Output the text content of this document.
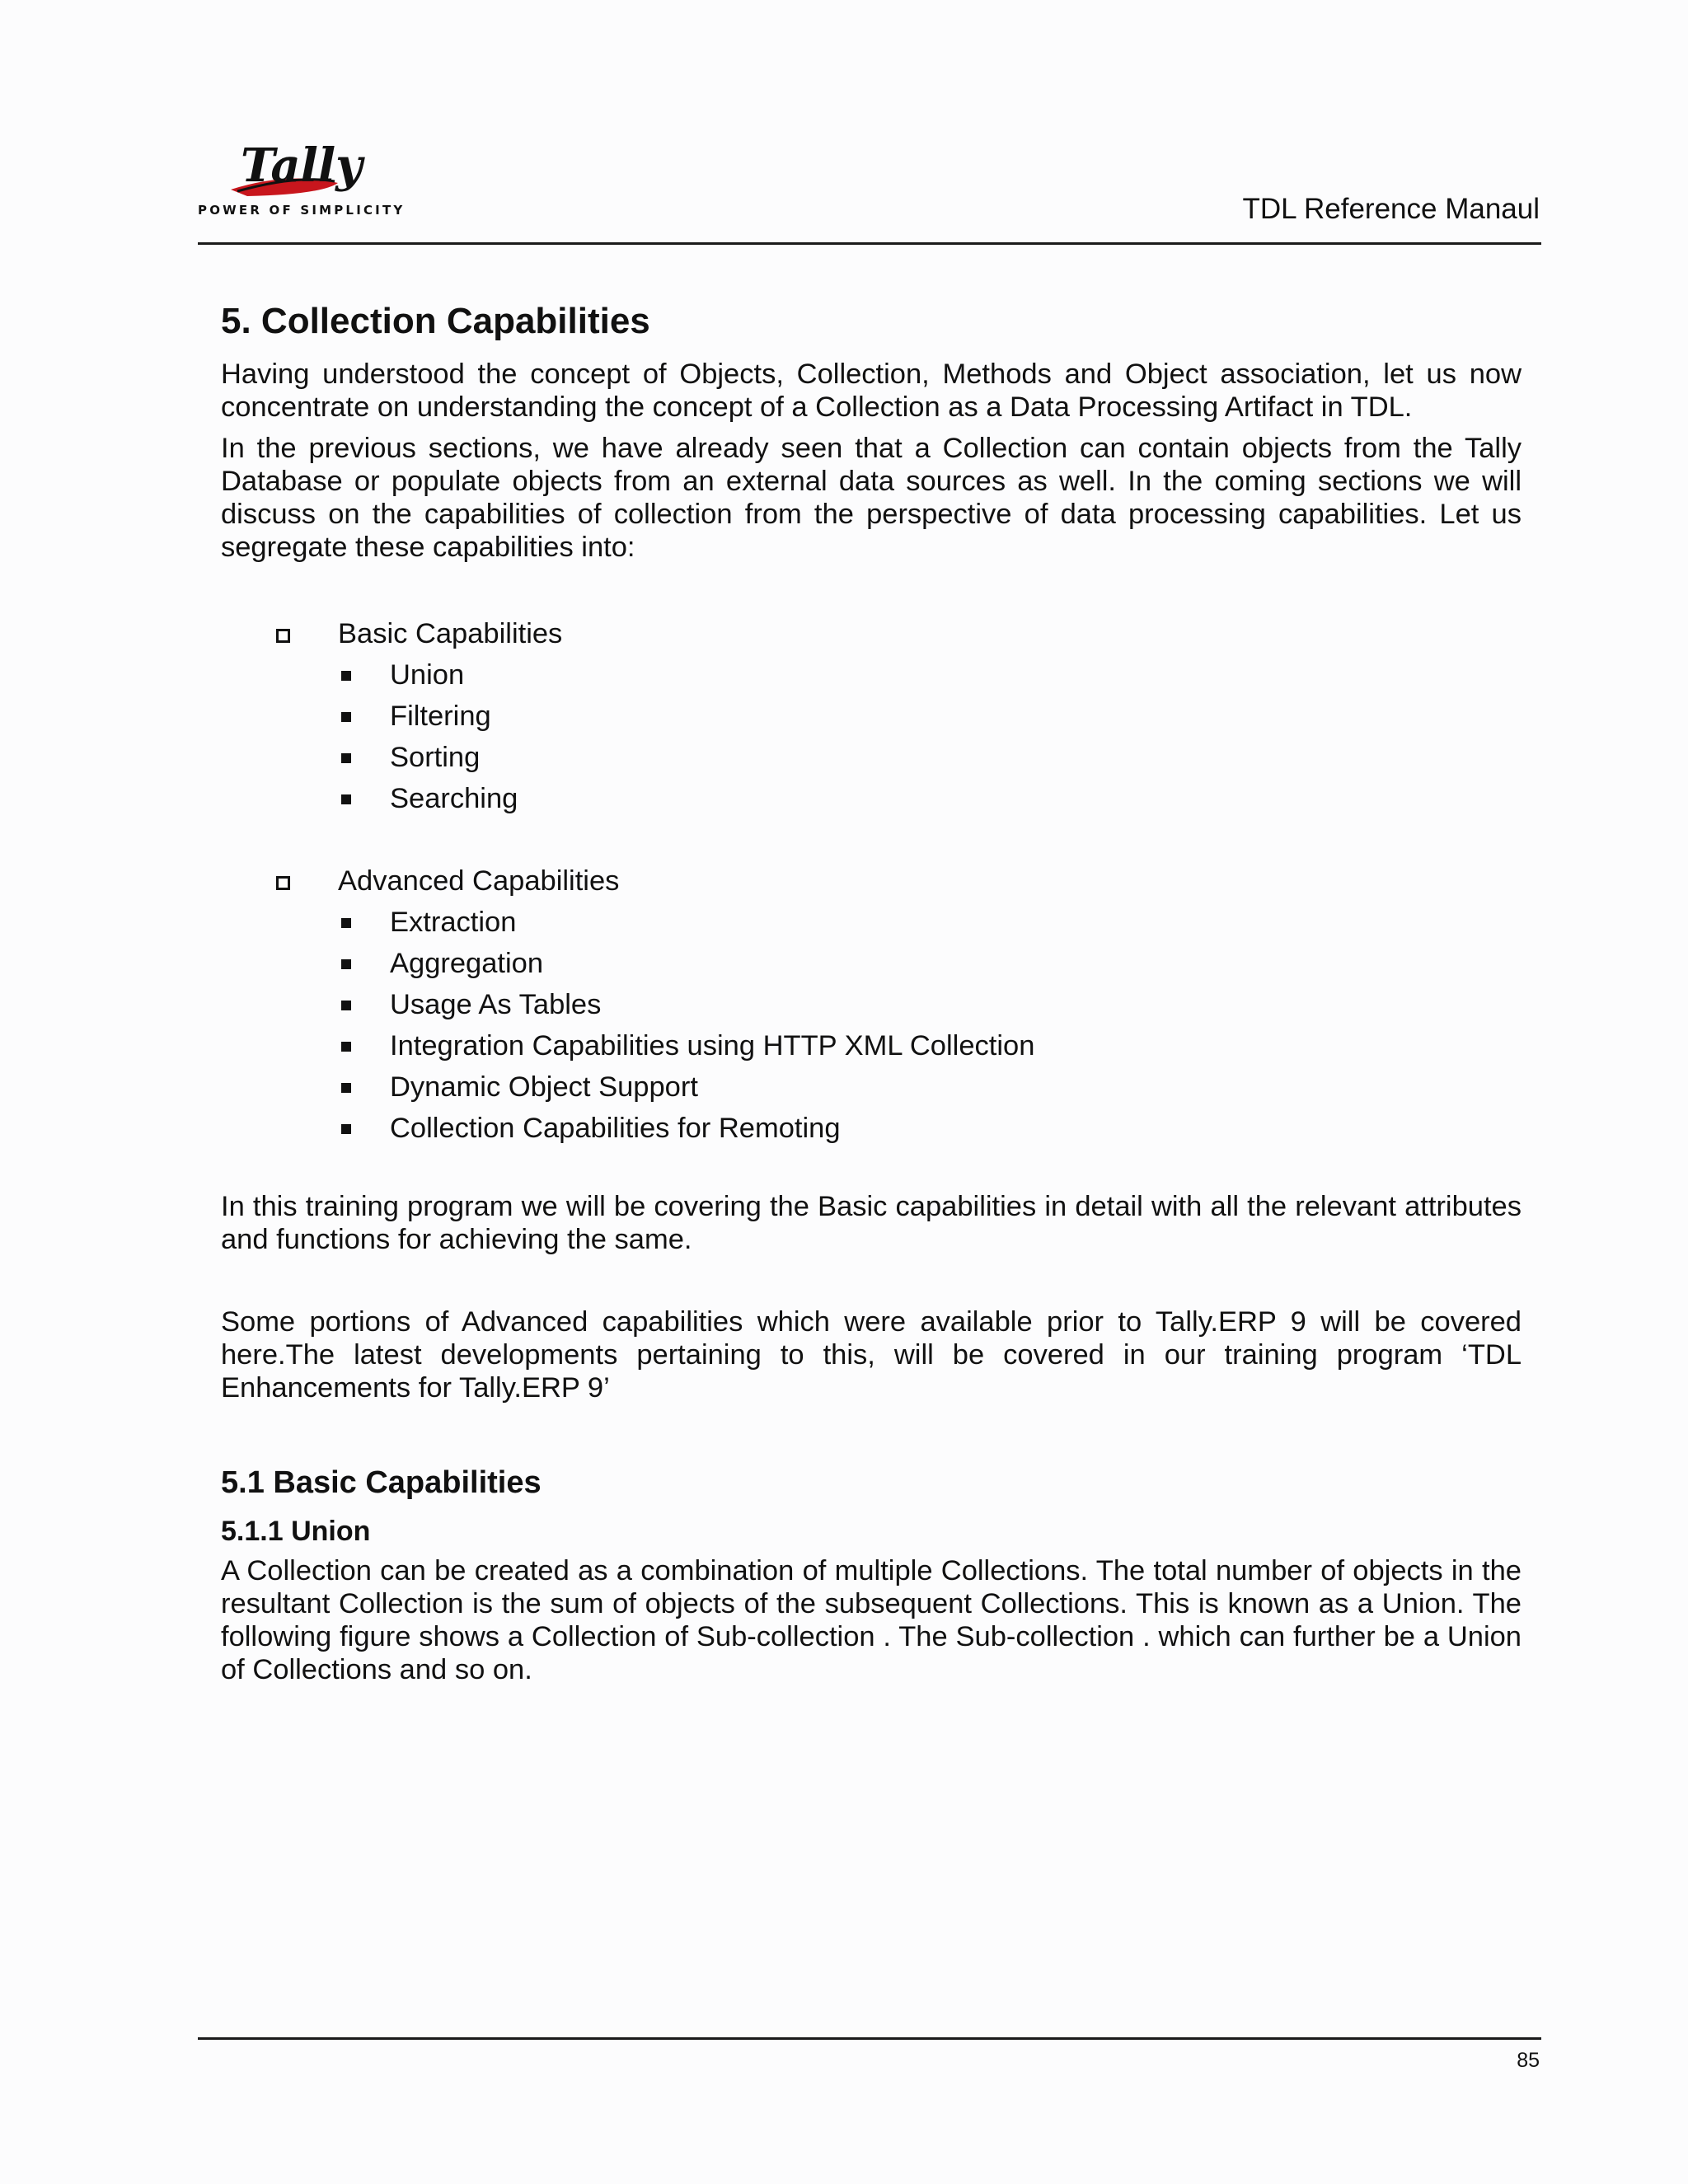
Tally
POWER OF SIMPLICITY	TDL Reference Manaul
5. Collection Capabilities

Having understood the concept of Objects, Collection, Methods and Object association, let us now concentrate on understanding the concept of a Collection as a Data Processing Artifact in TDL.

In the previous sections, we have already seen that a Collection can contain objects from the Tally Database or populate objects from an external data sources as well. In the coming sections we will discuss on the capabilities of collection from the perspective of data processing capabilities. Let us segregate these capabilities into:

Basic Capabilities
Union
Filtering
Sorting
Searching
Advanced Capabilities
Extraction
Aggregation
Usage As Tables
Integration Capabilities using HTTP XML Collection
Dynamic Object Support
Collection Capabilities for Remoting

In this training program we will be covering the Basic capabilities in detail with all the relevant attributes and functions for achieving the same.

Some portions of Advanced capabilities which were available prior to Tally.ERP 9 will be covered here.The latest developments pertaining to this, will be covered in our training program ‘TDL Enhancements for Tally.ERP 9’

5.1 Basic Capabilities
5.1.1 Union

A Collection can be created as a combination of multiple Collections. The total number of objects in the resultant Collection is the sum of objects of the subsequent Collections. This is known as a Union. The following figure shows a Collection of Sub-collection . The Sub-collection . which can further be a Union of Collections and so on.

85
